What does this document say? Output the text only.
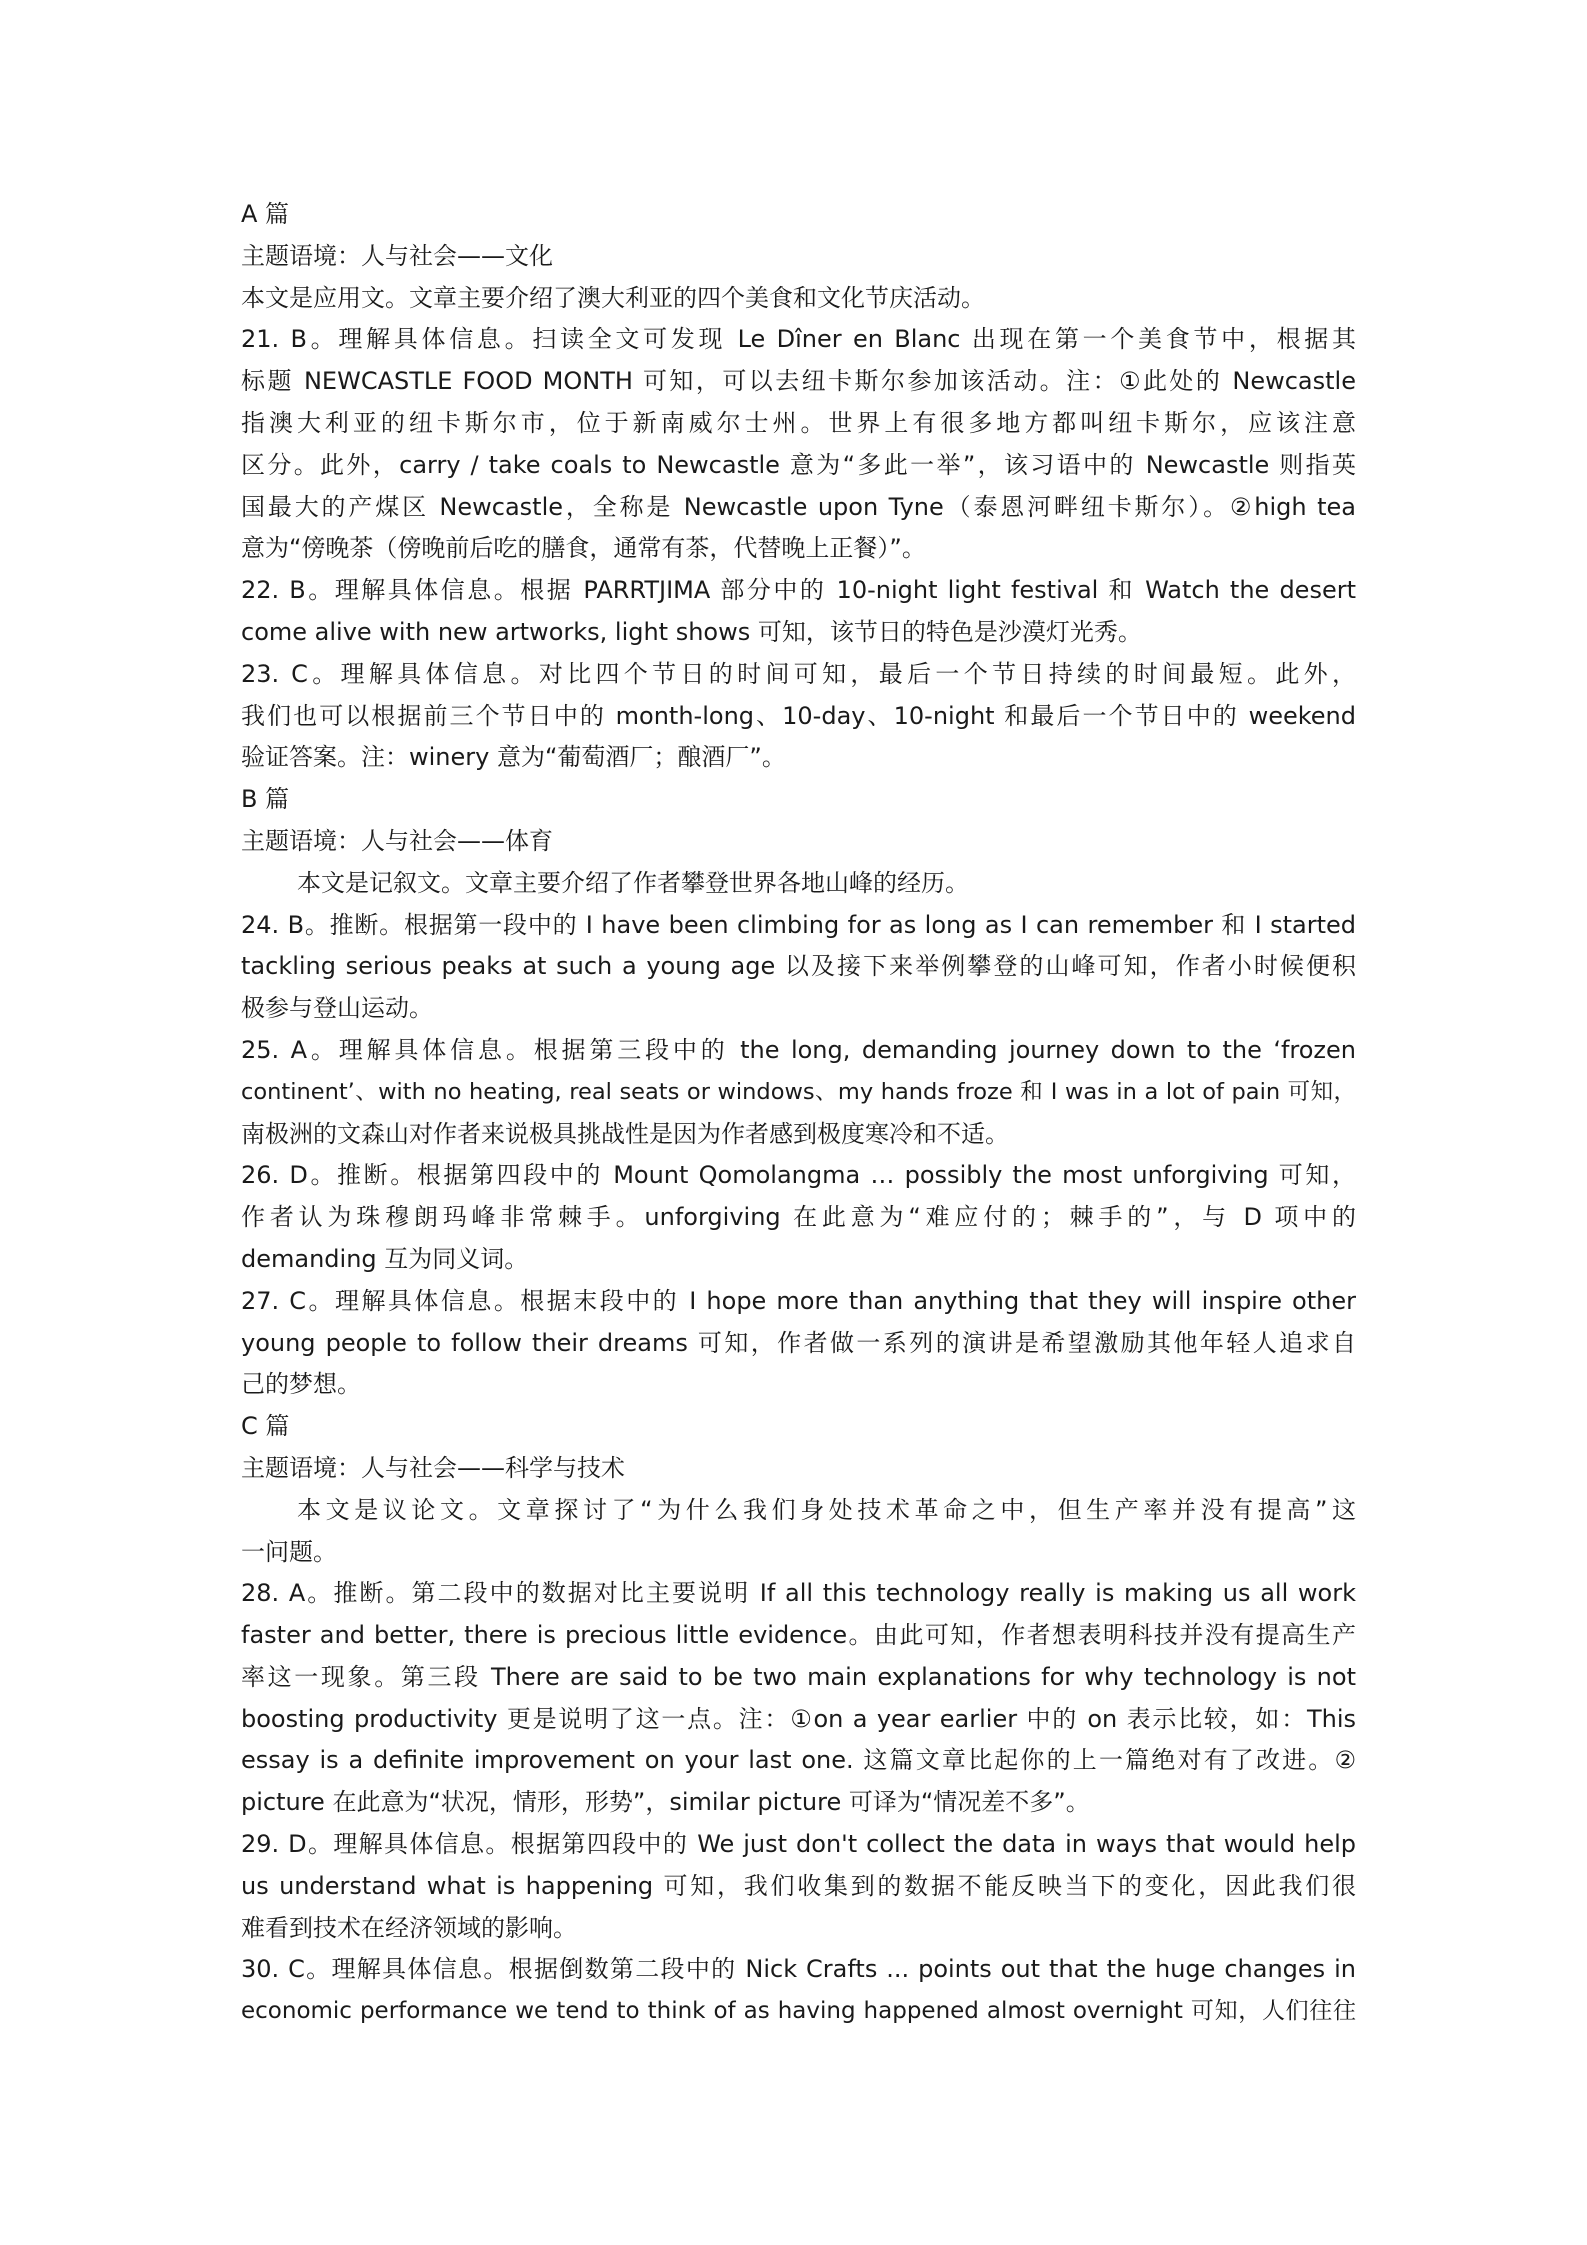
A 篇
主题语境：人与社会——文化
本文是应用文。文章主要介绍了澳大利亚的四个美食和文化节庆活动。
21. B。理解具体信息。扫读全文可发现 Le Dîner en Blanc 出现在第一个美食节中，根据其
标题 NEWCASTLE FOOD MONTH 可知，可以去纽卡斯尔参加该活动。注：①此处的 Newcastle
指澳大利亚的纽卡斯尔市，位于新南威尔士州。世界上有很多地方都叫纽卡斯尔，应该注意
区分。此外，carry / take coals to Newcastle 意为“多此一举”，该习语中的 Newcastle 则指英
国最大的产煤区 Newcastle，全称是 Newcastle upon Tyne（泰恩河畔纽卡斯尔）。②high tea
意为“傍晚茶（傍晚前后吃的膳食，通常有茶，代替晚上正餐）”。
22. B。理解具体信息。根据 PARRTJIMA 部分中的 10-night light festival 和 Watch the desert
come alive with new artworks, light shows 可知，该节日的特色是沙漠灯光秀。
23. C。理解具体信息。对比四个节日的时间可知，最后一个节日持续的时间最短。此外，
我们也可以根据前三个节日中的 month-long、10-day、10-night 和最后一个节日中的 weekend
验证答案。注：winery 意为“葡萄酒厂；酿酒厂”。
B 篇
主题语境：人与社会——体育
本文是记叙文。文章主要介绍了作者攀登世界各地山峰的经历。
24. B。推断。根据第一段中的 I have been climbing for as long as I can remember 和 I started
tackling serious peaks at such a young age 以及接下来举例攀登的山峰可知，作者小时候便积
极参与登山运动。
25. A。理解具体信息。根据第三段中的 the long, demanding journey down to the ‘frozen
continent’、with no heating, real seats or windows、my hands froze 和 I was in a lot of pain 可知，
南极洲的文森山对作者来说极具挑战性是因为作者感到极度寒冷和不适。
26. D。推断。根据第四段中的 Mount Qomolangma … possibly the most unforgiving 可知，
作者认为珠穆朗玛峰非常棘手。unforgiving 在此意为“难应付的；棘手的”，与 D 项中的
demanding 互为同义词。
27. C。理解具体信息。根据末段中的 I hope more than anything that they will inspire other
young people to follow their dreams 可知，作者做一系列的演讲是希望激励其他年轻人追求自
己的梦想。
C 篇
主题语境：人与社会——科学与技术
本文是议论文。文章探讨了“为什么我们身处技术革命之中，但生产率并没有提高”这
一问题。
28. A。推断。第二段中的数据对比主要说明 If all this technology really is making us all work
faster and better, there is precious little evidence。由此可知，作者想表明科技并没有提高生产
率这一现象。第三段 There are said to be two main explanations for why technology is not
boosting productivity 更是说明了这一点。注：①on a year earlier 中的 on 表示比较，如：This
essay is a definite improvement on your last one. 这篇文章比起你的上一篇绝对有了改进。②
picture 在此意为“状况，情形，形势”，similar picture 可译为“情况差不多”。
29. D。理解具体信息。根据第四段中的 We just don't collect the data in ways that would help
us understand what is happening 可知，我们收集到的数据不能反映当下的变化，因此我们很
难看到技术在经济领域的影响。
30. C。理解具体信息。根据倒数第二段中的 Nick Crafts ... points out that the huge changes in
economic performance we tend to think of as having happened almost overnight 可知，人们往往
